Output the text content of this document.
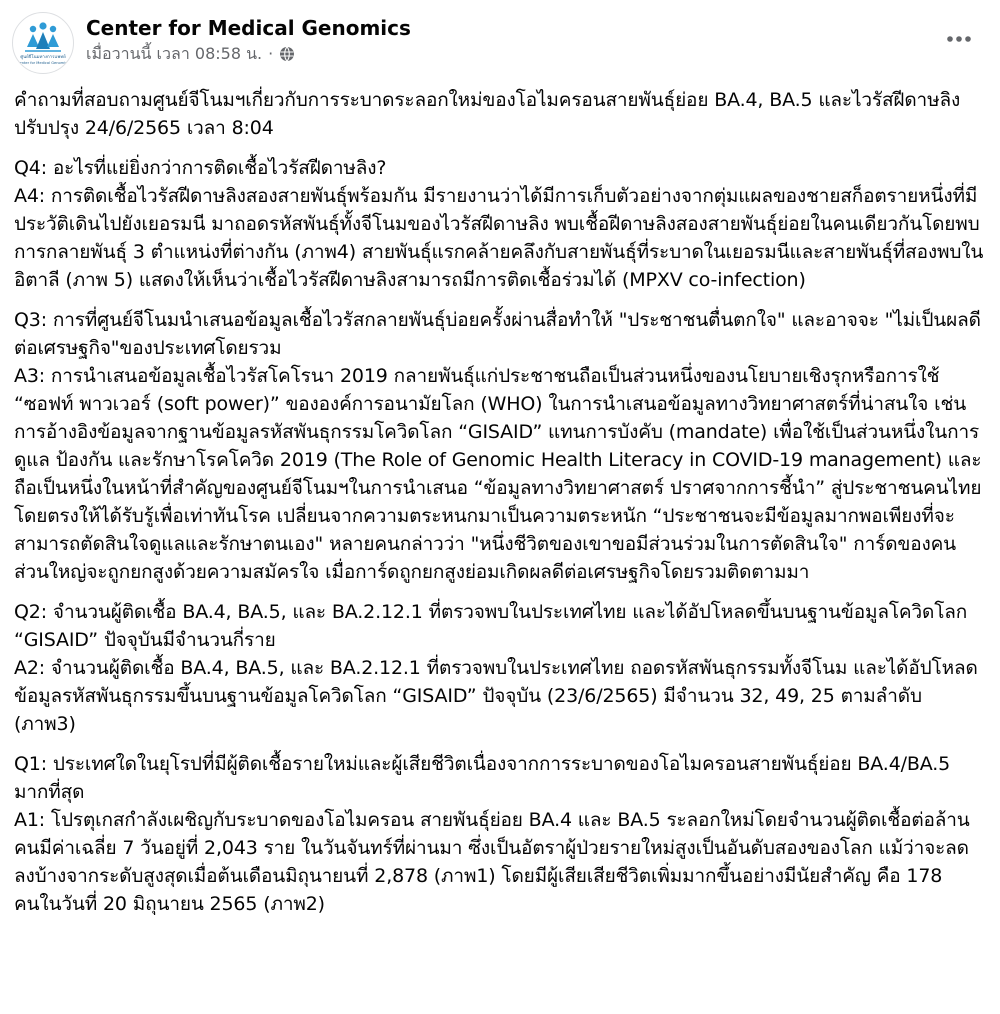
ศูนย์จีโนมทางการแพทย์
Center for Medical Genomics
Center for Medical Genomics
เมื่อวานนี้ เวลา 08:58 น. ·

คำถามที่สอบถามศูนย์จีโนมฯเกี่ยวกับการระบาดระลอกใหม่ของโอไมครอนสายพันธุ์ย่อย BA.4, BA.5 และไวรัสฝีดาษลิง

ปรับปรุง 24/6/2565 เวลา 8:04

Q4: อะไรที่แย่ยิ่งกว่าการติดเชื้อไวรัสฝีดาษลิง?

A4: การติดเชื้อไวรัสฝีดาษลิงสองสายพันธุ์พร้อมกัน มีรายงานว่าได้มีการเก็บตัวอย่างจากตุ่มแผลของชายสก็อตรายหนึ่งที่มีประวัติเดินไปยังเยอรมนี มาถอดรหัสพันธุ์ทั้งจีโนมของไวรัสฝีดาษลิง พบเชื้อฝีดาษลิงสองสายพันธุ์ย่อยในคนเดียวกันโดยพบการกลายพันธุ์ 3 ตำแหน่งที่ต่างกัน (ภาพ4) สายพันธุ์แรกคล้ายคลึงกับสายพันธุ์ที่ระบาดในเยอรมนีและสายพันธุ์ที่สองพบในอิตาลี (ภาพ 5) แสดงให้เห็นว่าเชื้อไวรัสฝีดาษลิงสามารถมีการติดเชื้อร่วมได้ (MPXV co-infection)

Q3: การที่ศูนย์จีโนมนำเสนอข้อมูลเชื้อไวรัสกลายพันธุ์บ่อยครั้งผ่านสื่อทำให้ "ประชาชนตื่นตกใจ" และอาจจะ "ไม่เป็นผลดีต่อเศรษฐกิจ"ของประเทศโดยรวม

A3: การนำเสนอข้อมูลเชื้อไวรัสโคโรนา 2019 กลายพันธุ์แก่ประชาชนถือเป็นส่วนหนึ่งของนโยบายเชิงรุกหรือการใช้ “ซอฟท์ พาวเวอร์ (soft power)” ขององค์การอนามัยโลก (WHO) ในการนำเสนอข้อมูลทางวิทยาศาสตร์ที่น่าสนใจ เช่นการอ้างอิงข้อมูลจากฐานข้อมูลรหัสพันธุกรรมโควิดโลก “GISAID” แทนการบังคับ (mandate) เพื่อใช้เป็นส่วนหนึ่งในการดูแล ป้องกัน และรักษาโรคโควิด 2019 (The Role of Genomic Health Literacy in COVID-19 management) และถือเป็นหนึ่งในหน้าที่สำคัญของศูนย์จีโนมฯในการนำเสนอ “ข้อมูลทางวิทยาศาสตร์ ปราศจากการชี้นำ” สู่ประชาชนคนไทยโดยตรงให้ได้รับรู้เพื่อเท่าทันโรค เปลี่ยนจากความตระหนกมาเป็นความตระหนัก “ประชาชนจะมีข้อมูลมากพอเพียงที่จะสามารถตัดสินใจดูแลและรักษาตนเอง" หลายคนกล่าวว่า "หนึ่งชีวิตของเขาขอมีส่วนร่วมในการตัดสินใจ" การ์ดของคนส่วนใหญ่จะถูกยกสูงด้วยความสมัครใจ เมื่อการ์ดถูกยกสูงย่อมเกิดผลดีต่อเศรษฐกิจโดยรวมติดตามมา

Q2: จำนวนผู้ติดเชื้อ BA.4, BA.5, และ BA.2.12.1 ที่ตรวจพบในประเทศไทย และได้อัปโหลดขึ้นบนฐานข้อมูลโควิดโลก “GISAID” ปัจจุบันมีจำนวนกี่ราย

A2: จำนวนผู้ติดเชื้อ BA.4, BA.5, และ BA.2.12.1 ที่ตรวจพบในประเทศไทย ถอดรหัสพันธุกรรมทั้งจีโนม และได้อัปโหลดข้อมูลรหัสพันธุกรรมขึ้นบนฐานข้อมูลโควิดโลก “GISAID” ปัจจุบัน (23/6/2565) มีจำนวน 32, 49, 25 ตามลำดับ (ภาพ3)

Q1: ประเทศใดในยุโรปที่มีผู้ติดเชื้อรายใหม่และผู้เสียชีวิตเนื่องจากการระบาดของโอไมครอนสายพันธุ์ย่อย BA.4/BA.5 มากที่สุด

A1: โปรตุเกสกำลังเผชิญกับระบาดของโอไมครอน สายพันธุ์ย่อย BA.4 และ BA.5 ระลอกใหม่โดยจำนวนผู้ติดเชื้อต่อล้านคนมีค่าเฉลี่ย 7 วันอยู่ที่ 2,043 ราย ในวันจันทร์ที่ผ่านมา ซึ่งเป็นอัตราผู้ป่วยรายใหม่สูงเป็นอันดับสองของโลก แม้ว่าจะลดลงบ้างจากระดับสูงสุดเมื่อต้นเดือนมิถุนายนที่ 2,878 (ภาพ1) โดยมีผู้เสียเสียชีวิตเพิ่มมากขึ้นอย่างมีนัยสำคัญ คือ 178 คนในวันที่ 20 มิถุนายน 2565 (ภาพ2)
